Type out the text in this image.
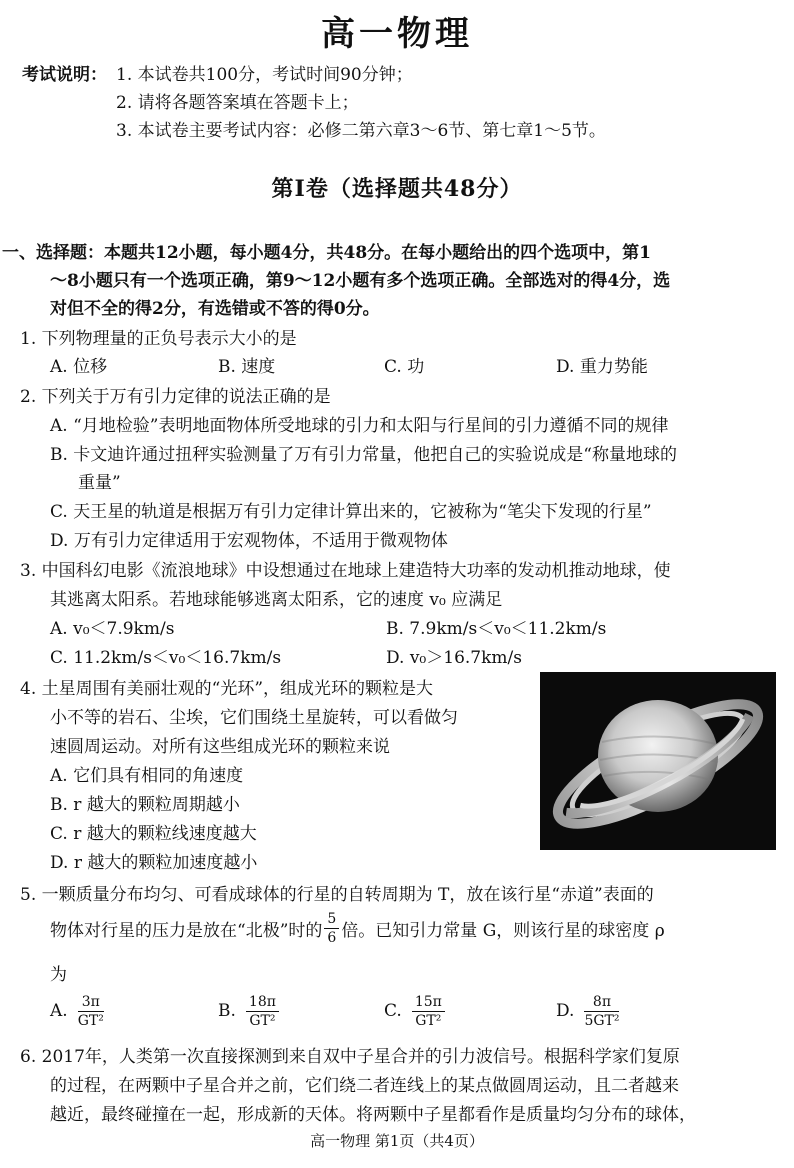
高一物理
考试说明： 1. 本试卷共100分，考试时间90分钟；
2. 请将各题答案填在答题卡上；
3. 本试卷主要考试内容：必修二第六章3～6节、第七章1～5节。
第Ⅰ卷（选择题共48分）
一、选择题：本题共12小题，每小题4分，共48分。在每小题给出的四个选项中，第1
～8小题只有一个选项正确，第9～12小题有多个选项正确。全部选对的得4分，选
对但不全的得2分，有选错或不答的得0分。
1. 下列物理量的正负号表示大小的是
A. 位移	B. 速度	C. 功	D. 重力势能
2. 下列关于万有引力定律的说法正确的是
A. “月地检验”表明地面物体所受地球的引力和太阳与行星间的引力遵循不同的规律
B. 卡文迪许通过扭秤实验测量了万有引力常量，他把自己的实验说成是“称量地球的
重量”
C. 天王星的轨道是根据万有引力定律计算出来的，它被称为“笔尖下发现的行星”
D. 万有引力定律适用于宏观物体，不适用于微观物体
3. 中国科幻电影《流浪地球》中设想通过在地球上建造特大功率的发动机推动地球，使
其逃离太阳系。若地球能够逃离太阳系，它的速度 v₀ 应满足
A. v₀＜7.9km/s	B. 7.9km/s＜v₀＜11.2km/s
C. 11.2km/s＜v₀＜16.7km/s	D. v₀＞16.7km/s
4. 土星周围有美丽壮观的“光环”，组成光环的颗粒是大
小不等的岩石、尘埃，它们围绕土星旋转，可以看做匀
速圆周运动。对所有这些组成光环的颗粒来说
A. 它们具有相同的角速度
B. r 越大的颗粒周期越小
C. r 越大的颗粒线速度越大
D. r 越大的颗粒加速度越小
5. 一颗质量分布均匀、可看成球体的行星的自转周期为 T，放在该行星“赤道”表面的
物体对行星的压力是放在“北极”时的 $\frac{5}{6}$ 倍。已知引力常量 G，则该行星的球密度 ρ
为
A. $\frac{3\pi}{\text{GT²}}$	B. $\frac{18\pi}{\text{GT²}}$	C. $\frac{15\pi}{\text{GT²}}$	D. $\frac{8\pi}{\text{5GT²}}$
6. 2017年，人类第一次直接探测到来自双中子星合并的引力波信号。根据科学家们复原
的过程，在两颗中子星合并之前，它们绕二者连线上的某点做圆周运动，且二者越来
越近，最终碰撞在一起，形成新的天体。将两颗中子星都看作是质量均匀分布的球体，
高一物理 第1页（共4页）
